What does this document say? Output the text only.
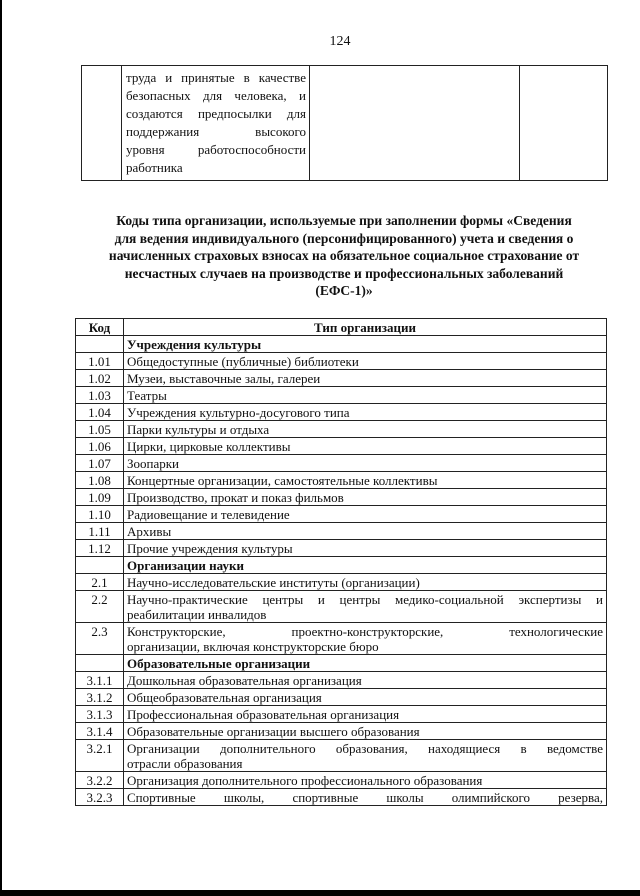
124

труда и принятые в качестве
безопасных для человека, и
создаются предпосылки для
поддержания высокого
уровня работоспособности
работника

Коды типа организации, используемые при заполнении формы «Сведения
для ведения индивидуального (персонифицированного) учета и сведения о
начисленных страховых взносах на обязательное социальное страхование от
несчастных случаев на производстве и профессиональных заболеваний
(ЕФС-1)»
Код	Тип организации
	Учреждения культуры
1.01	Общедоступные (публичные) библиотеки
1.02	Музеи, выставочные залы, галереи
1.03	Театры
1.04	Учреждения культурно-досугового типа
1.05	Парки культуры и отдыха
1.06	Цирки, цирковые коллективы
1.07	Зоопарки
1.08	Концертные организации, самостоятельные коллективы
1.09	Производство, прокат и показ фильмов
1.10	Радиовещание и телевидение
1.11	Архивы
1.12	Прочие учреждения культуры
	Организации науки
2.1	Научно-исследовательские институты (организации)
2.2	Научно-практические центры и центры медико-социальной экспертизы и
реабилитации инвалидов

2.3	Конструкторские, проектно-конструкторские, технологические
организации, включая конструкторские бюро

	Образовательные организации
3.1.1	Дошкольная образовательная организация
3.1.2	Общеобразовательная организация
3.1.3	Профессиональная образовательная организация
3.1.4	Образовательные организации высшего образования
3.2.1	Организации дополнительного образования, находящиеся в ведомстве
отрасли образования

3.2.2	Организация дополнительного профессионального образования
3.2.3	Спортивные школы, спортивные школы олимпийского резерва,
